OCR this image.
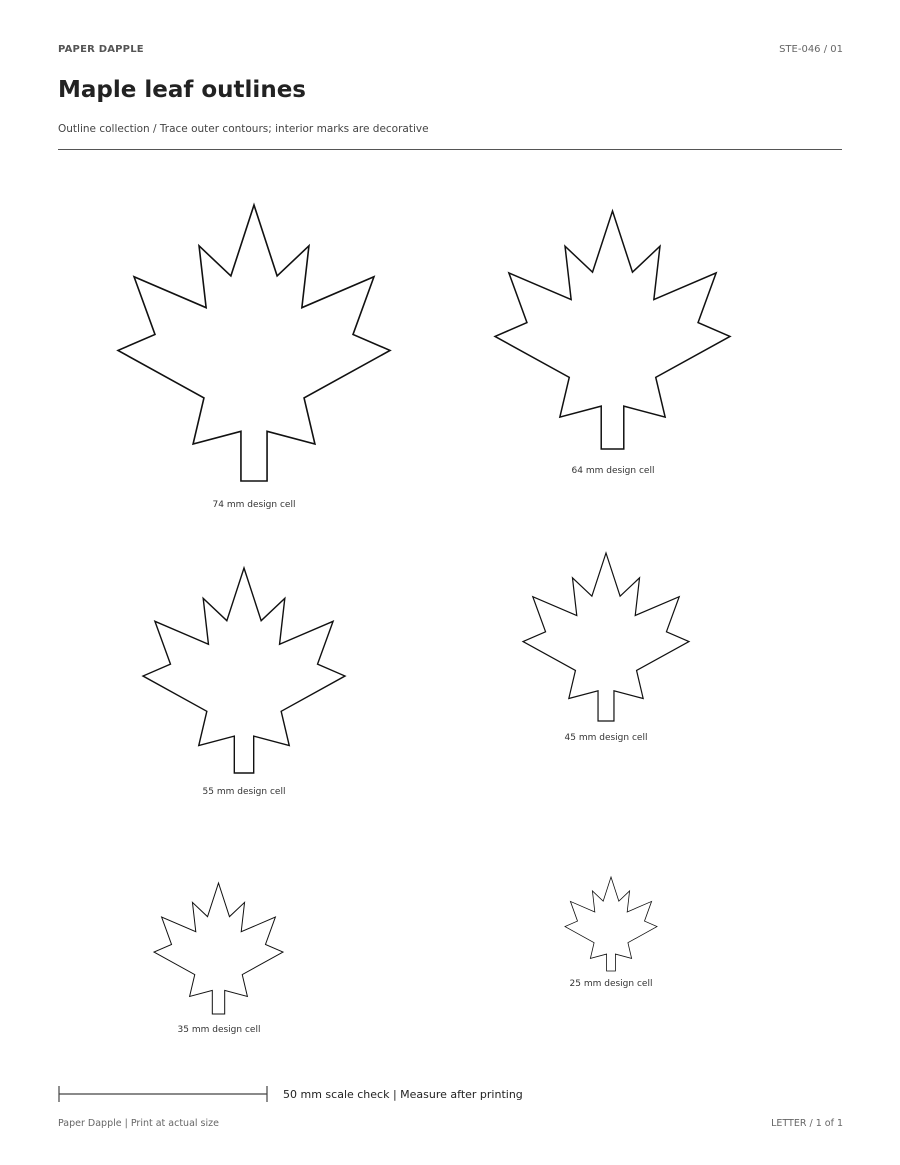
PAPER DAPPLE	STE-046 / 01
Maple leaf outlines
Outline collection / Trace outer contours; interior marks are decorative
74 mm design cell
64 mm design cell
55 mm design cell
45 mm design cell
35 mm design cell
25 mm design cell
50 mm scale check | Measure after printing
Paper Dapple | Print at actual size	LETTER / 1 of 1
